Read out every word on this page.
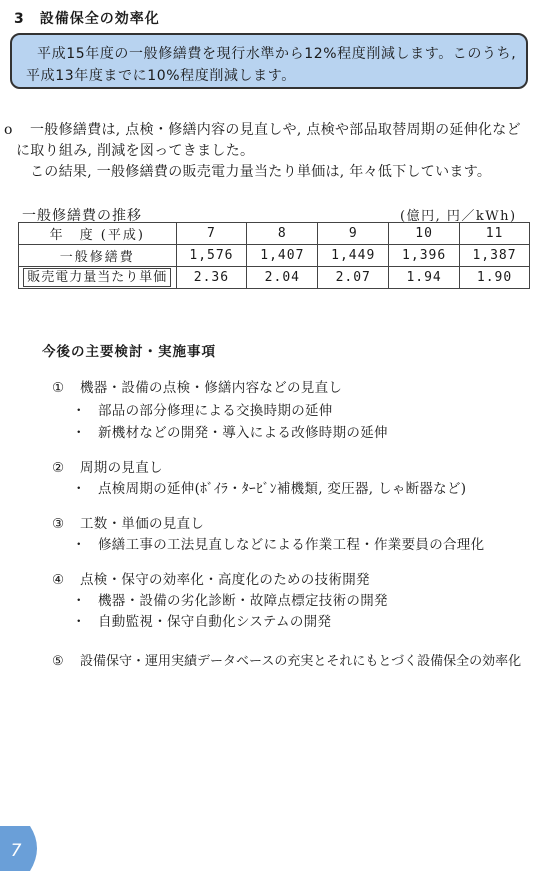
3　設備保全の効率化
平成15年度の一般修繕費を現行水準から12%程度削減します。このうち,
平成13年度までに10%程度削減します。
o 一般修繕費は, 点検・修繕内容の見直しや, 点検や部品取替周期の延伸化など
に取り組み, 削減を図ってきました。
この結果, 一般修繕費の販売電力量当たり単価は, 年々低下しています。
一般修繕費の推移	(億円, 円／kWh)
年　度 (平成)	7	8	9	10	11
一般修繕費	1,576	1,407	1,449	1,396	1,387
販売電力量当たり単価	2.36	2.04	2.07	1.94	1.90
今後の主要検討・実施事項
① 機器・設備の点検・修繕内容などの見直し
・ 部品の部分修理による交換時期の延伸
・ 新機材などの開発・導入による改修時期の延伸
② 周期の見直し
・ 点検周期の延伸(ﾎﾞｲﾗ・ﾀｰﾋﾞﾝ補機類, 変圧器, しゃ断器など)
③ 工数・単価の見直し
・ 修繕工事の工法見直しなどによる作業工程・作業要員の合理化
④ 点検・保守の効率化・高度化のための技術開発
・ 機器・設備の劣化診断・故障点標定技術の開発
・ 自動監視・保守自動化システムの開発
⑤ 設備保守・運用実績データベースの充実とそれにもとづく設備保全の効率化
7
